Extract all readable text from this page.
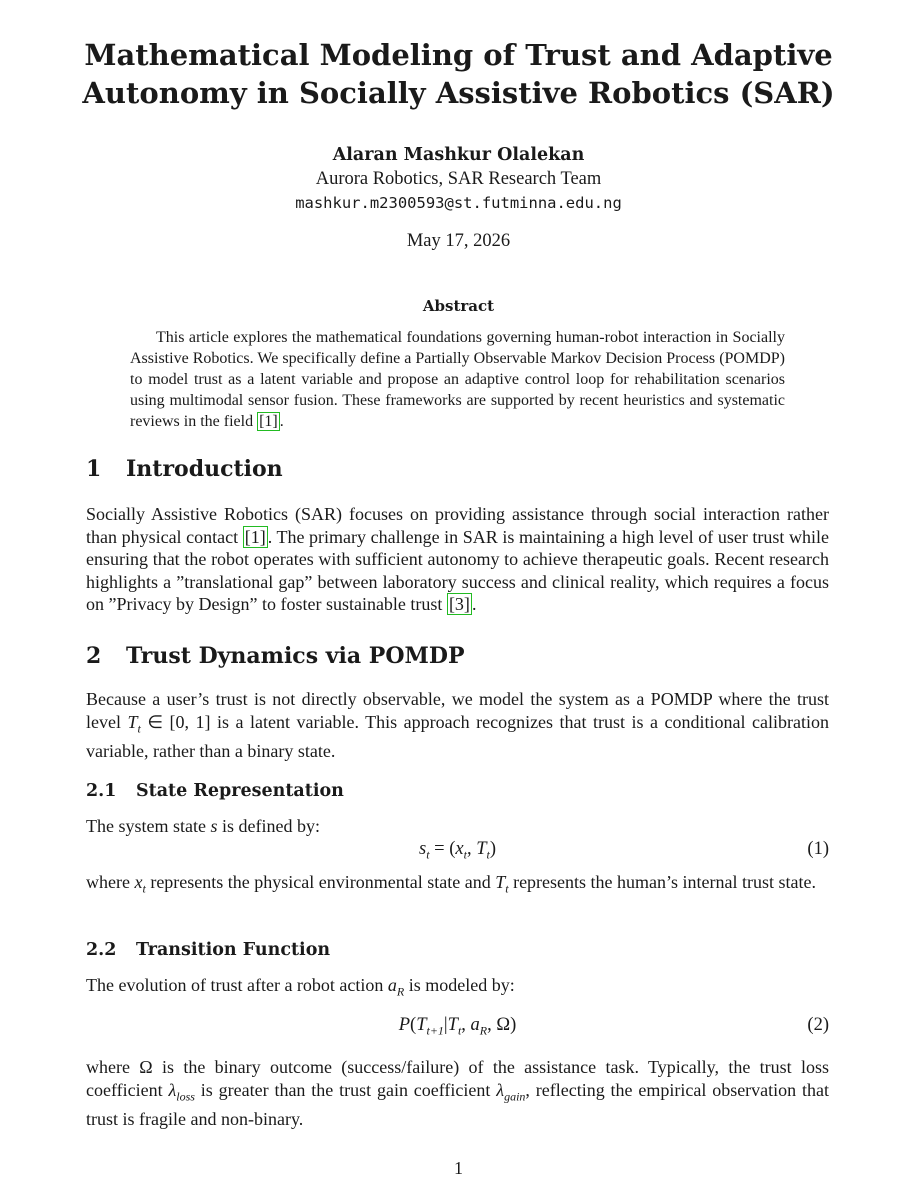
Mathematical Modeling of Trust and Adaptive Autonomy in Socially Assistive Robotics (SAR)
Alaran Mashkur Olalekan
Aurora Robotics, SAR Research Team
mashkur.m2300593@st.futminna.edu.ng
May 17, 2026
Abstract
This article explores the mathematical foundations governing human-robot interaction in Socially Assistive Robotics. We specifically define a Partially Observable Markov Decision Process (POMDP) to model trust as a latent variable and propose an adaptive control loop for rehabilitation scenarios using multimodal sensor fusion. These frameworks are supported by recent heuristics and systematic reviews in the field [1] .
1 Introduction
Socially Assistive Robotics (SAR) focuses on providing assistance through social interaction rather than physical contact [1] . The primary challenge in SAR is maintaining a high level of user trust while ensuring that the robot operates with sufficient autonomy to achieve therapeutic goals. Recent research highlights a ”translational gap” between laboratory success and clinical reality, which requires a focus on ”Privacy by Design” to foster sustainable trust [3] .
2 Trust Dynamics via POMDP
Because a user’s trust is not directly observable, we model the system as a POMDP where the trust level $T_t$ ∈ [0, 1] is a latent variable. This approach recognizes that trust is a conditional calibration variable, rather than a binary state.
2.1 State Representation
The system state s is defined by:
$s_t = (x_t$, $T_t$)	(1)
where $x_t$ represents the physical environmental state and $T_t$ represents the human’s internal trust state.
2.2 Transition Function
The evolution of trust after a robot action $a_R$ is modeled by:
$P(T_{t+1}|T_t$, $a_R$, Ω)	(2)
where Ω is the binary outcome (success/failure) of the assistance task. Typically, the trust loss coefficient $\lambda_{loss}$ is greater than the trust gain coefficient $\lambda_{gain}$, reflecting the empirical observation that trust is fragile and non-binary.
1
